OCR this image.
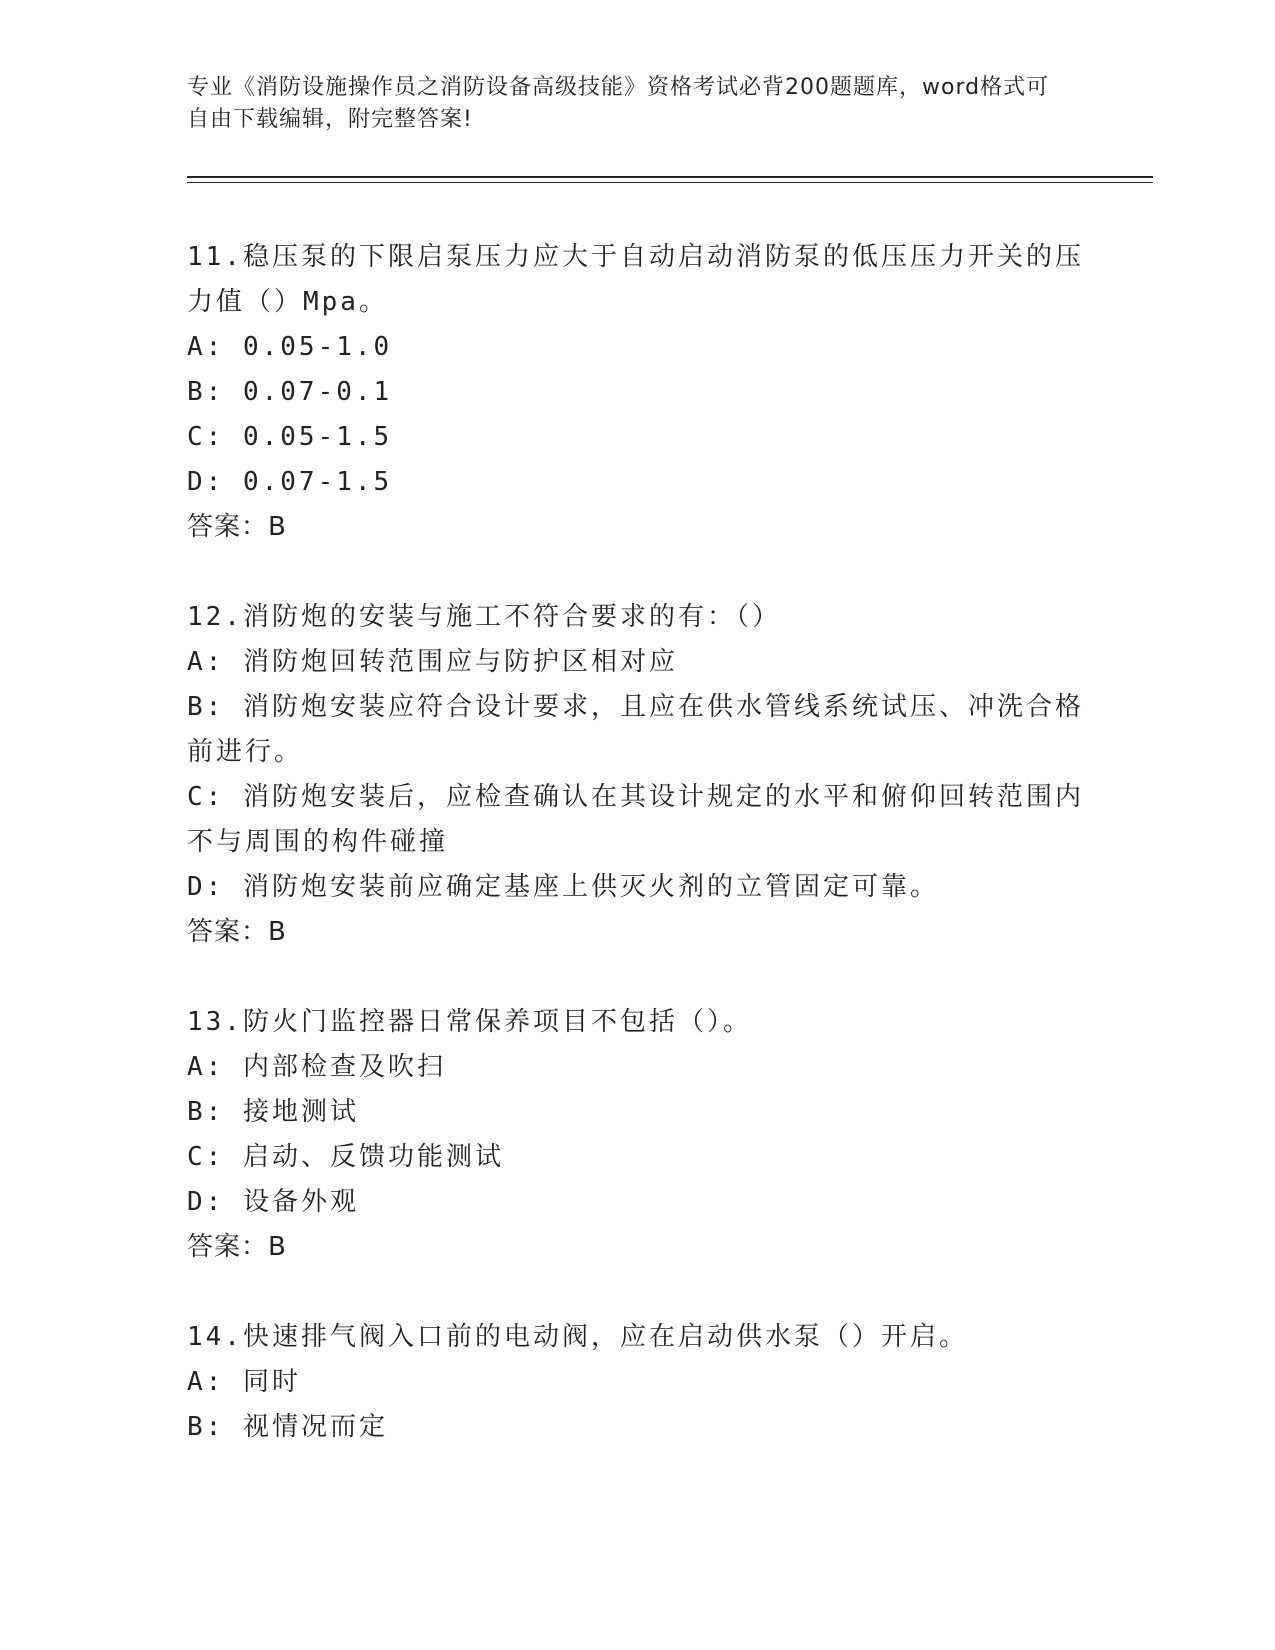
专业《消防设施操作员之消防设备高级技能》资格考试必背200题题库，word格式可自由下载编辑，附完整答案!

11.稳压泵的下限启泵压力应大于自动启动消防泵的低压压力开关的压力值（）Mpa。

A: 0.05-1.0

B: 0.07-0.1

C: 0.05-1.5

D: 0.07-1.5

答案：B

12.消防炮的安装与施工不符合要求的有：（）

A: 消防炮回转范围应与防护区相对应

B: 消防炮安装应符合设计要求，且应在供水管线系统试压、冲洗合格前进行。

C: 消防炮安装后，应检查确认在其设计规定的水平和俯仰回转范围内不与周围的构件碰撞

D: 消防炮安装前应确定基座上供灭火剂的立管固定可靠。

答案：B

13.防火门监控器日常保养项目不包括（）。

A: 内部检查及吹扫

B: 接地测试

C: 启动、反馈功能测试

D: 设备外观

答案：B

14.快速排气阀入口前的电动阀，应在启动供水泵（）开启。

A: 同时

B: 视情况而定
